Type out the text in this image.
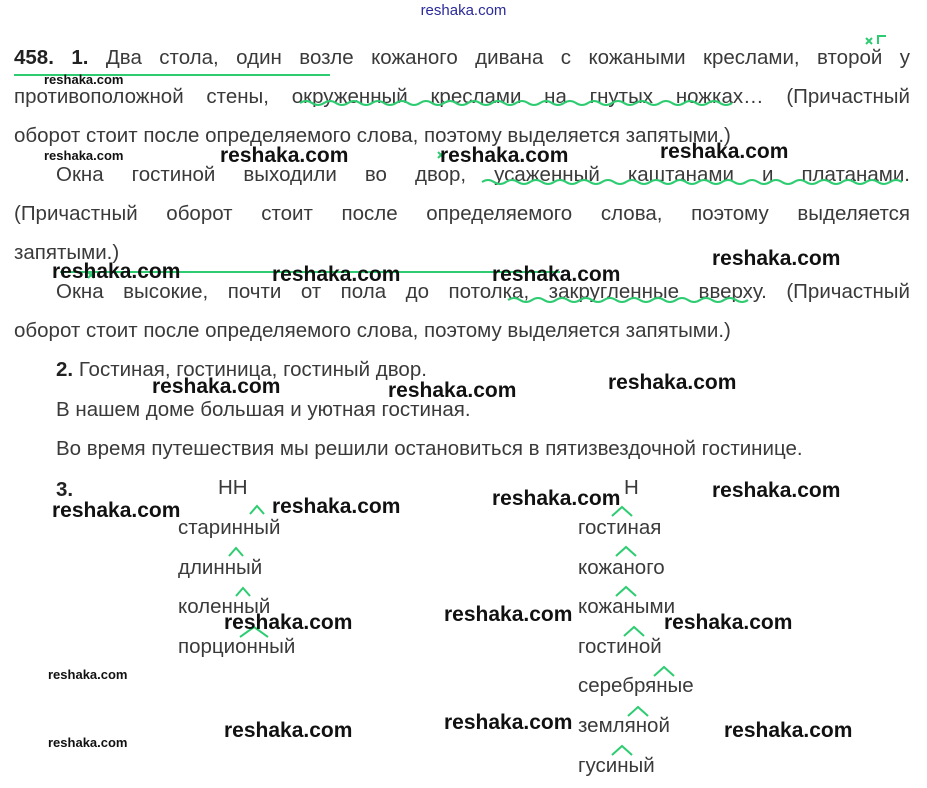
reshaka.com
458. 1. Два стола, один возле кожаного дивана с кожаными креслами, второй у
противоположной стены, окруженный креслами на гнутых ножках… (Причастный
оборот стоит после определяемого слова, поэтому выделяется запятыми.)
Окна гостиной выходили во двор, усаженный каштанами и платанами.
(Причастный оборот стоит после определяемого слова, поэтому выделяется
запятыми.)
Окна высокие, почти от пола до потолка, закругленные вверху. (Причастный
оборот стоит после определяемого слова, поэтому выделяется запятыми.)
2. Гостиная, гостиница, гостиный двор.
В нашем доме большая и уютная гостиная.
Во время путешествия мы решили остановиться в пятизвездочной гостинице.
3.	НН
старинный
длинный
коленный
порционный
Н
гостиная
кожаного
кожаными
гостиной
серебряные
земляной
гусиный
reshaka.com
reshaka.com	reshaka.com	reshaka.com	reshaka.com
reshaka.com
reshaka.com	reshaka.com	reshaka.com
reshaka.com	reshaka.com	reshaka.com
reshaka.com	reshaka.com	reshaka.com
reshaka.com
reshaka.com	reshaka.com	reshaka.com
reshaka.com
reshaka.com	reshaka.com	reshaka.com
reshaka.com
